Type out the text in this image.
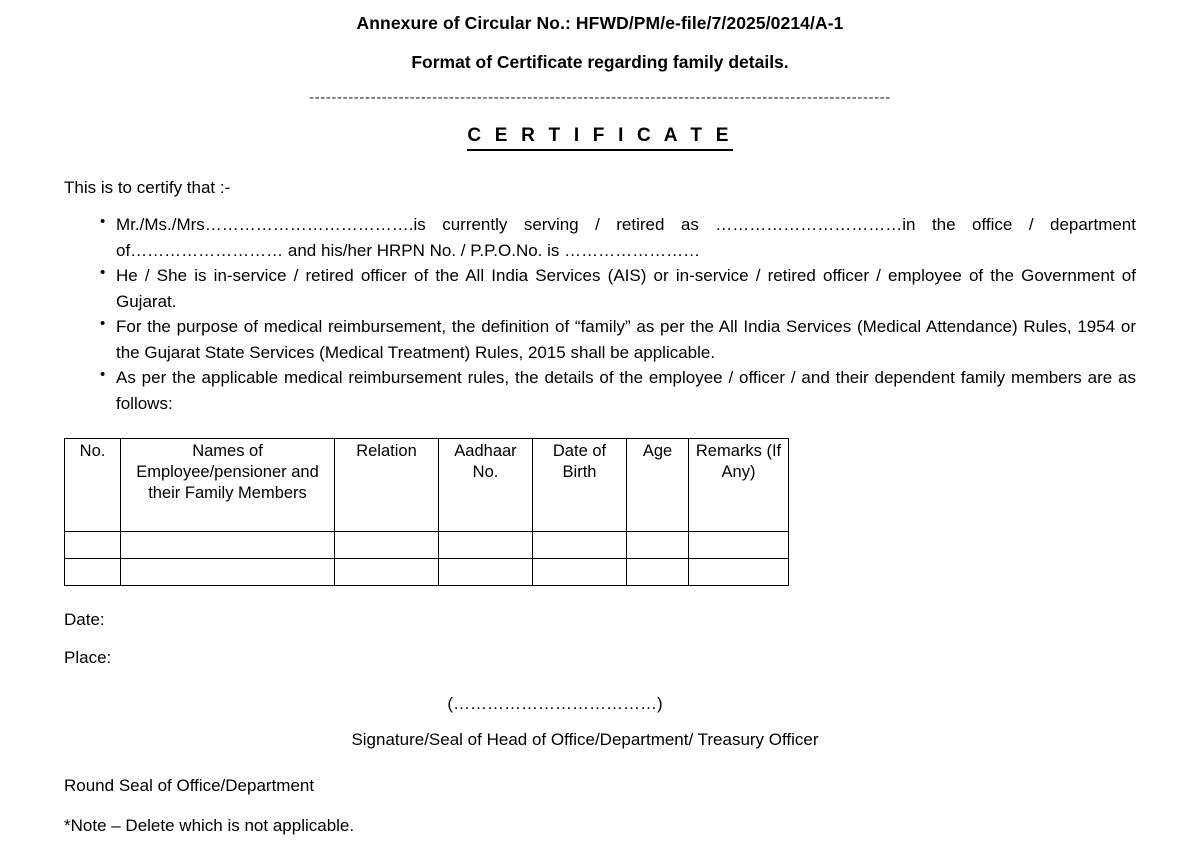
Annexure of Circular No.: HFWD/PM/e-file/7/2025/0214/A-1
Format of Certificate regarding family details.
--------------------------------------------------------------------------------------------------------
C E R T I F I C A T E
This is to certify that :-
• Mr./Ms./Mrs……………………………….is currently serving / retired as ……………………………in the office / department of……………………… and his/her HRPN No. / P.P.O.No. is ……………………
• He / She is in-service / retired officer of the All India Services (AIS) or in-service / retired officer / employee of the Government of Gujarat.
• For the purpose of medical reimbursement, the definition of “family” as per the All India Services (Medical Attendance) Rules, 1954 or the Gujarat State Services (Medical Treatment) Rules, 2015 shall be applicable.
• As per the applicable medical reimbursement rules, the details of the employee / officer / and their dependent family members are as follows:
No.	Names of Employee/pensioner and their Family Members	Relation	Aadhaar No.	Date of Birth	Age	Remarks (If Any)

Date:
Place:
(………………………………)
Signature/Seal of Head of Office/Department/ Treasury Officer
Round Seal of Office/Department
*Note – Delete which is not applicable.
